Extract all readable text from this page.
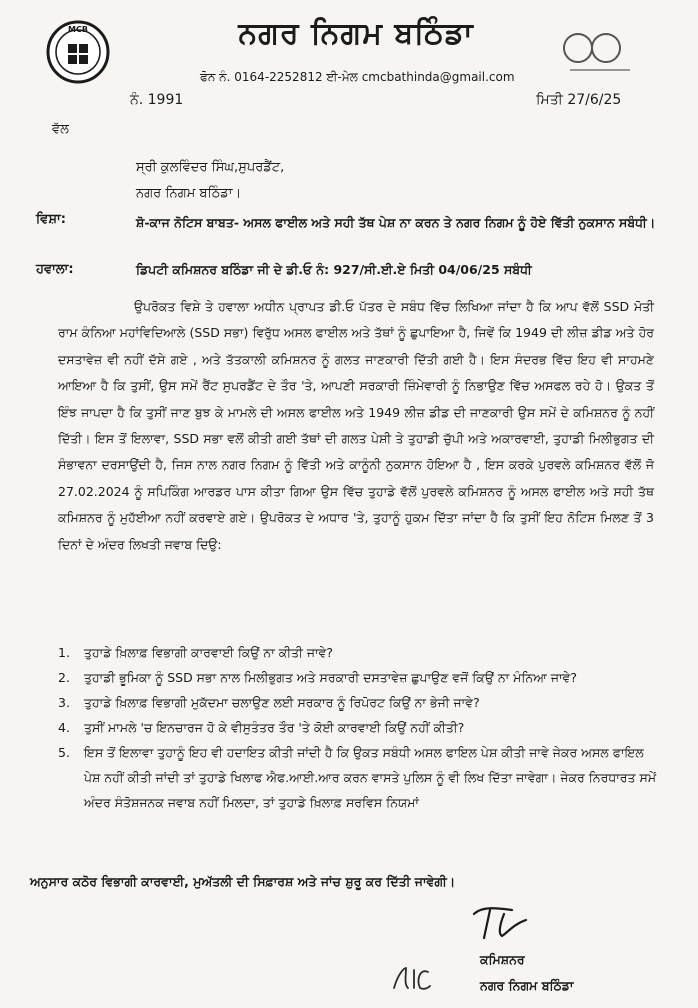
MCB	ਨਗਰ ਨਿਗਮ ਬਠਿੰਡਾ
ਫੋਨ ਨੰ. 0164-2252812 ਈ-ਮੇਲ cmcbathinda@gmail.com
ਨੰ. 1991	ਮਿਤੀ 27/6/25
ਵੱਲ
ਸ੍ਰੀ ਕੁਲਵਿੰਦਰ ਸਿੰਘ,ਸੁਪਰਡੈਂਟ,
ਨਗਰ ਨਿਗਮ ਬਠਿੰਡਾ।
ਵਿਸ਼ਾ:	ਸ਼ੋ-ਕਾਜ ਨੋਟਿਸ ਬਾਬਤ- ਅਸਲ ਫਾਈਲ ਅਤੇ ਸਹੀ ਤੱਥ ਪੇਸ਼ ਨਾ ਕਰਨ ਤੇ ਨਗਰ ਨਿਗਮ ਨੂੰ ਹੋਏ ਵਿੱਤੀ ਨੁਕਸਾਨ ਸਬੰਧੀ।
ਹਵਾਲਾ:	ਡਿਪਟੀ ਕਮਿਸ਼ਨਰ ਬਠਿੰਡਾ ਜੀ ਦੇ ਡੀ.ਓ ਨੰ: 927/ਸੀ.ਈ.ਏ ਮਿਤੀ 04/06/25 ਸਬੰਧੀ
ਉਪਰੋਕਤ ਵਿਸ਼ੇ ਤੇ ਹਵਾਲਾ ਅਧੀਨ ਪ੍ਰਾਪਤ ਡੀ.ਓ ਪੱਤਰ ਦੇ ਸਬੰਧ ਵਿੱਚ ਲਿਖਿਆ ਜਾਂਦਾ ਹੈ ਕਿ ਆਪ ਵੱਲੋਂ SSD ਮੋਤੀ ਰਾਮ ਕੰਨਿਆ ਮਹਾਂਵਿਦਿਆਲੇ (SSD ਸਭਾ) ਵਿਰੁੱਧ ਅਸਲ ਫਾਈਲ ਅਤੇ ਤੱਥਾਂ ਨੂੰ ਛੁਪਾਇਆ ਹੈ, ਜਿਵੇਂ ਕਿ 1949 ਦੀ ਲੀਜ਼ ਡੀਡ ਅਤੇ ਹੋਰ ਦਸਤਾਵੇਜ਼ ਵੀ ਨਹੀਂ ਦੱਸੇ ਗਏ , ਅਤੇ ਤੱਤਕਾਲੀ ਕਮਿਸ਼ਨਰ ਨੂੰ ਗਲਤ ਜਾਣਕਾਰੀ ਦਿੱਤੀ ਗਈ ਹੈ। ਇਸ ਸੰਦਰਭ ਵਿੱਚ ਇਹ ਵੀ ਸਾਹਮਣੇ ਆਇਆ ਹੈ ਕਿ ਤੁਸੀਂ, ਉਸ ਸਮੇਂ ਰੈਂਟ ਸੁਪਰਡੈਂਟ ਦੇ ਤੌਰ 'ਤੇ, ਆਪਣੀ ਸਰਕਾਰੀ ਜ਼ਿੰਮੇਵਾਰੀ ਨੂੰ ਨਿਭਾਉਣ ਵਿੱਚ ਅਸਫਲ ਰਹੇ ਹੋ। ਉਕਤ ਤੋਂ ਇੰਝ ਜਾਪਦਾ ਹੈ ਕਿ ਤੁਸੀਂ ਜਾਣ ਬੁਝ ਕੇ ਮਾਮਲੇ ਦੀ ਅਸਲ ਫਾਈਲ ਅਤੇ 1949 ਲੀਜ਼ ਡੀਡ ਦੀ ਜਾਣਕਾਰੀ ਉਸ ਸਮੇਂ ਦੇ ਕਮਿਸ਼ਨਰ ਨੂੰ ਨਹੀਂ ਦਿੱਤੀ। ਇਸ ਤੋਂ ਇਲਾਵਾ, SSD ਸਭਾ ਵਲੋਂ ਕੀਤੀ ਗਈ ਤੱਥਾਂ ਦੀ ਗਲਤ ਪੇਸ਼ੀ ਤੇ ਤੁਹਾਡੀ ਚੁੱਪੀ ਅਤੇ ਅਕਾਰਵਾਈ, ਤੁਹਾਡੀ ਮਿਲੀਭੁਗਤ ਦੀ ਸੰਭਾਵਨਾ ਦਰਸਾਉਂਦੀ ਹੈ, ਜਿਸ ਨਾਲ ਨਗਰ ਨਿਗਮ ਨੂੰ ਵਿੱਤੀ ਅਤੇ ਕਾਨੂੰਨੀ ਨੁਕਸਾਨ ਹੋਇਆ ਹੈ , ਇਸ ਕਰਕੇ ਪੁਰਵਲੇ ਕਮਿਸ਼ਨਰ ਵੱਲੋਂ ਜੋ 27.02.2024 ਨੂੰ ਸਪਿਕਿੰਗ ਆਰਡਰ ਪਾਸ ਕੀਤਾ ਗਿਆ ਉਸ ਵਿੱਚ ਤੁਹਾਡੇ ਵੱਲੋਂ ਪੁਰਵਲੇ ਕਮਿਸ਼ਨਰ ਨੂੰ ਅਸਲ ਫਾਈਲ ਅਤੇ ਸਹੀ ਤੱਥ ਕਮਿਸ਼ਨਰ ਨੂੰ ਮੁਹੱਈਆ ਨਹੀਂ ਕਰਵਾਏ ਗਏ। ਉਪਰੋਕਤ ਦੇ ਅਧਾਰ 'ਤੇ, ਤੁਹਾਨੂੰ ਹੁਕਮ ਦਿੱਤਾ ਜਾਂਦਾ ਹੈ ਕਿ ਤੁਸੀਂ ਇਹ ਨੋਟਿਸ ਮਿਲਣ ਤੋਂ 3 ਦਿਨਾਂ ਦੇ ਅੰਦਰ ਲਿਖਤੀ ਜਵਾਬ ਦਿਉ:
1. ਤੁਹਾਡੇ ਖ਼ਿਲਾਫ਼ ਵਿਭਾਗੀ ਕਾਰਵਾਈ ਕਿਉਂ ਨਾ ਕੀਤੀ ਜਾਵੇ?
2. ਤੁਹਾਡੀ ਭੂਮਿਕਾ ਨੂੰ SSD ਸਭਾ ਨਾਲ ਮਿਲੀਭੁਗਤ ਅਤੇ ਸਰਕਾਰੀ ਦਸਤਾਵੇਜ਼ ਛੁਪਾਉਣ ਵਜੋਂ ਕਿਉਂ ਨਾ ਮੰਨਿਆ ਜਾਵੇ?
3. ਤੁਹਾਡੇ ਖ਼ਿਲਾਫ਼ ਵਿਭਾਗੀ ਮੁਕੱਦਮਾ ਚਲਾਉਣ ਲਈ ਸਰਕਾਰ ਨੂੰ ਰਿਪੋਰਟ ਕਿਉਂ ਨਾ ਭੇਜੀ ਜਾਵੇ?
4. ਤੁਸੀਂ ਮਾਮਲੇ 'ਚ ਇਨਚਾਰਜ ਹੋ ਕੇ ਵੀਸੁਤੰਤਰ ਤੌਰ 'ਤੇ ਕੋਈ ਕਾਰਵਾਈ ਕਿਉਂ ਨਹੀਂ ਕੀਤੀ?
5. ਇਸ ਤੋਂ ਇਲਾਵਾ ਤੁਹਾਨੂੰ ਇਹ ਵੀ ਹਦਾਇਤ ਕੀਤੀ ਜਾਂਦੀ ਹੈ ਕਿ ਉਕਤ ਸਬੰਧੀ ਅਸਲ ਫਾਇਲ ਪੇਸ਼ ਕੀਤੀ ਜਾਵੇ ਜੇਕਰ ਅਸਲ ਫਾਇਲ ਪੇਸ਼ ਨਹੀਂ ਕੀਤੀ ਜਾਂਦੀ ਤਾਂ ਤੁਹਾਡੇ ਖਿਲਾਫ ਐਫ.ਆਈ.ਆਰ ਕਰਨ ਵਾਸਤੇ ਪੁਲਿਸ ਨੂੰ ਵੀ ਲਿਖ ਦਿੱਤਾ ਜਾਵੇਗਾ। ਜੇਕਰ ਨਿਰਧਾਰਤ ਸਮੇਂ ਅੰਦਰ ਸੰਤੋਸ਼ਜਨਕ ਜਵਾਬ ਨਹੀਂ ਮਿਲਦਾ, ਤਾਂ ਤੁਹਾਡੇ ਖ਼ਿਲਾਫ਼ ਸਰਵਿਸ ਨਿਯਮਾਂ
ਅਨੁਸਾਰ ਕਠੋਰ ਵਿਭਾਗੀ ਕਾਰਵਾਈ, ਮੁਅੱਤਲੀ ਦੀ ਸਿਫ਼ਾਰਸ਼ ਅਤੇ ਜਾਂਚ ਸ਼ੁਰੂ ਕਰ ਦਿੱਤੀ ਜਾਵੇਗੀ।
ਕਮਿਸ਼ਨਰ
ਨਗਰ ਨਿਗਮ ਬਠਿੰਡਾ
